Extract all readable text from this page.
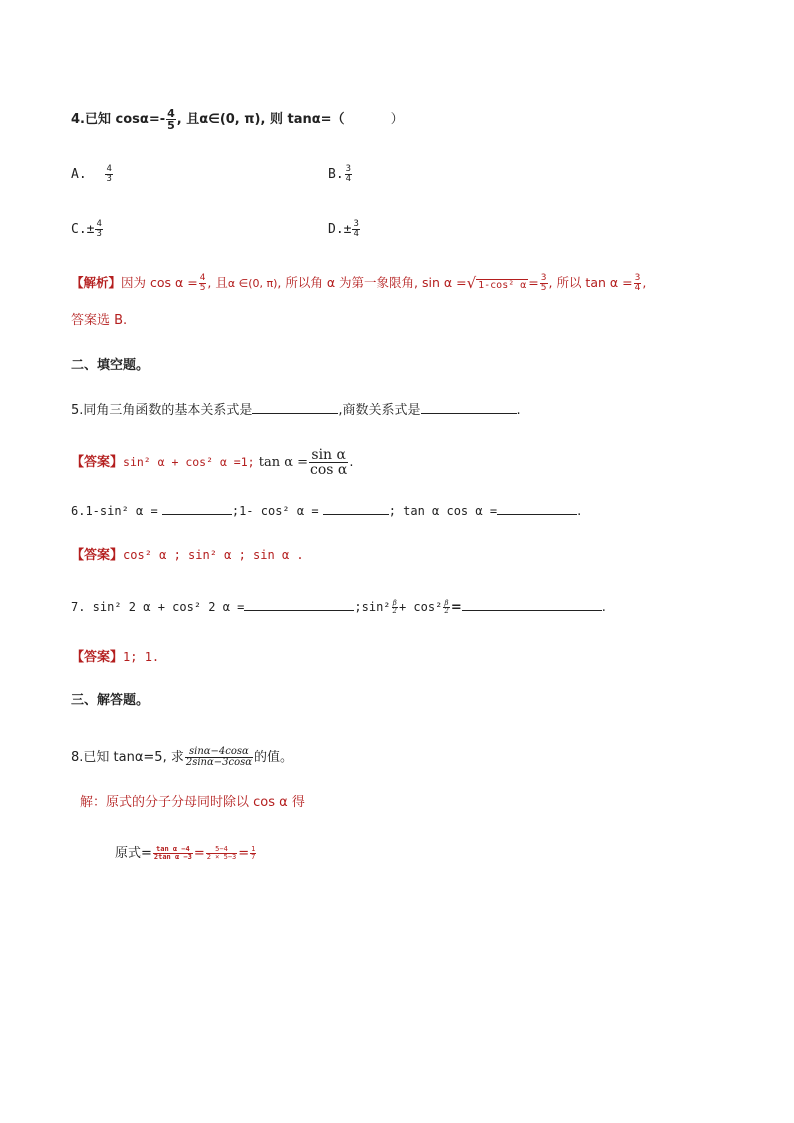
4.已知 $\cos\alpha=- \frac{4}{5}$ , 且α∈(0, π), 则 tanα=（	）
A. $\frac{4}{3}$	B. $\frac{3}{4}$
$C.\pm \frac{4}{3}$	$D.\pm \frac{3}{4}$
【解析】因为 $\cos \alpha = \frac{4}{5}$ , 且α ∈(0, π), 所以角 α 为第一象限角, sin α =√ 1-cos² $\alpha = \frac{3}{5}$ , 所以 $\tan \alpha = \frac{3}{4}$ ,
答案选 B.
二、填空题。
5.同角三角函数的基本关系式是	,商数关系式是	.
【答案】sin² α + cos² α =1; $\tan \alpha = \frac{\text{sin α}}{\text{cos α}}$ .
6.1-sin² α =	;1- cos² α =	; tan α cos α =	.
【答案】cos² α ; sin² α ; sin α .
7. sin² 2 α + cos² 2 α =	;sin² $\frac{\beta}{2} + \cos^2 \frac{\beta}{2}$ =	.
【答案】1; 1.
三、解答题。
8.已知 tanα=5, 求 $\frac{\sin\alpha-4\cos\alpha}{2\sin\alpha-3\cos\alpha}$ 的值。
解：原式的分子分母同时除以 cos α 得
原式= $\frac{\text{tan α −4}}{\text{2tan α −3}} = \frac{5-4}{2 \times 5-3} = \frac{1}{7}$
